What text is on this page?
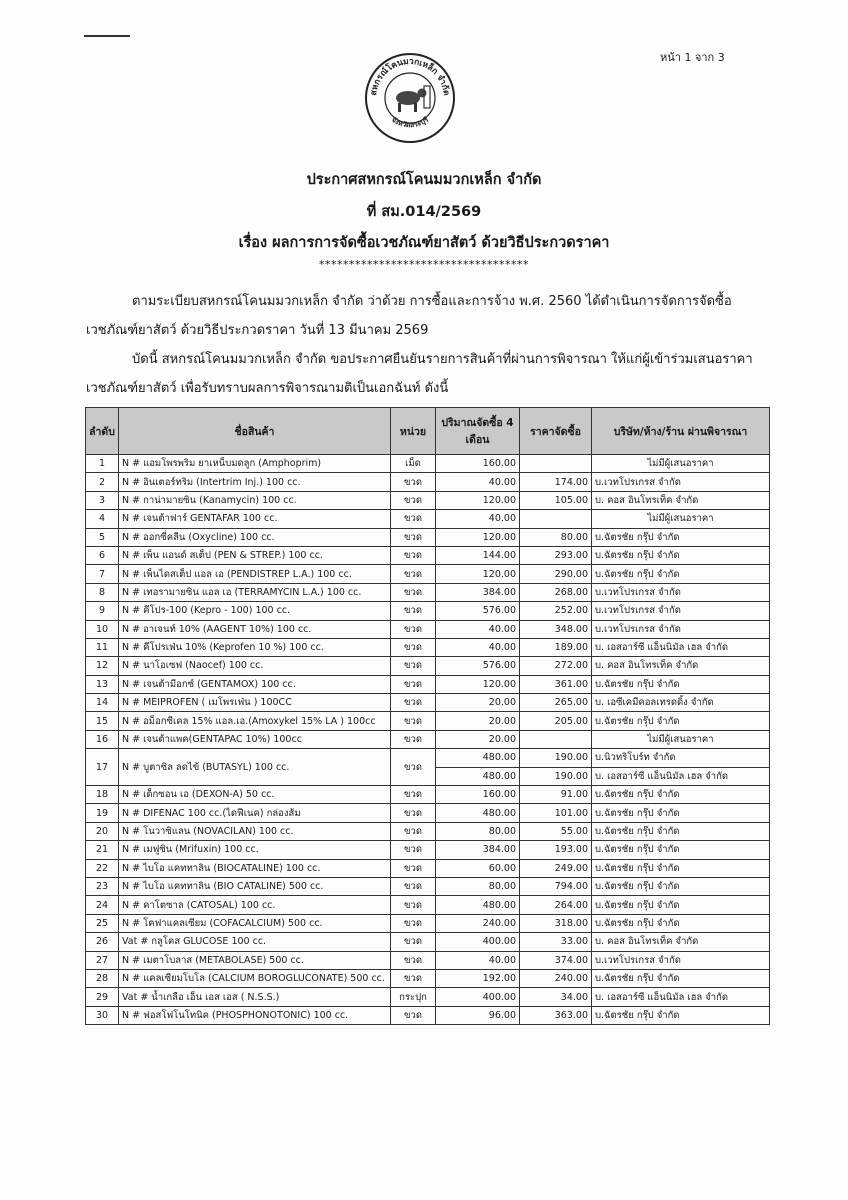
หน้า 1 จาก 3
สหกรณ์โคนมวกเหล็ก จำกัด
จังหวัดสระบุรี
ประกาศสหกรณ์โคนมมวกเหล็ก จำกัด
ที่ สม.014/2569
เรื่อง ผลการการจัดซื้อเวชภัณฑ์ยาสัตว์ ด้วยวิธีประกวดราคา
***********************************
ตามระเบียบสหกรณ์โคนมมวกเหล็ก จำกัด ว่าด้วย การซื้อและการจ้าง พ.ศ. 2560 ได้ดำเนินการจัดการจัดซื้อเวชภัณฑ์ยาสัตว์ ด้วยวิธีประกวดราคา วันที่ 13 มีนาคม 2569
บัดนี้ สหกรณ์โคนมมวกเหล็ก จำกัด ขอประกาศยืนยันรายการสินค้าที่ผ่านการพิจารณา ให้แก่ผู้เข้าร่วมเสนอราคาเวชภัณฑ์ยาสัตว์ เพื่อรับทราบผลการพิจารณามติเป็นเอกฉันท์ ดังนี้
ลำดับ	ชื่อสินค้า	หน่วย	ปริมาณจัดซื้อ 4 เดือน	ราคาจัดซื้อ	บริษัท/ห้าง/ร้าน ผ่านพิจารณา
1	N # แอมโพรพริม ยาเหน็บมดลูก (Amphoprim)	เม็ด	160.00		ไม่มีผู้เสนอราคา
2	N # อินเตอร์ทริม (Intertrim Inj.) 100 cc.	ขวด	40.00	174.00	บ.เวทโปรเกรส จำกัด
3	N # กาน่ามายซิน (Kanamycin) 100 cc.	ขวด	120.00	105.00	บ. คอส อินโทรเท็ค จำกัด
4	N # เจนต้าฟาร์ GENTAFAR 100 cc.	ขวด	40.00		ไม่มีผู้เสนอราคา
5	N # ออกซี่คลีน (Oxycline) 100 cc.	ขวด	120.00	80.00	บ.ฉัตรชัย กรุ๊ป จำกัด
6	N # เพ็น แอนด์ สเต็ป (PEN & STREP.) 100 cc.	ขวด	144.00	293.00	บ.ฉัตรชัย กรุ๊ป จำกัด
7	N # เพ็นไดสเต็ป แอล เอ (PENDISTREP L.A.) 100 cc.	ขวด	120.00	290.00	บ.ฉัตรชัย กรุ๊ป จำกัด
8	N # เทอรามายซิน แอล เอ (TERRAMYCIN L.A.) 100 cc.	ขวด	384.00	268.00	บ.เวทโปรเกรส จำกัด
9	N # คีโปร-100 (Kepro - 100) 100 cc.	ขวด	576.00	252.00	บ.เวทโปรเกรส จำกัด
10	N # อาเจนท์ 10% (AAGENT 10%) 100 cc.	ขวด	40.00	348.00	บ.เวทโปรเกรส จำกัด
11	N # คีโปรเฟ่น 10% (Keprofen 10 %) 100 cc.	ขวด	40.00	189.00	บ. เอสอาร์ซี แอ็นนิมัล เฮล จำกัด
12	N # นาโอเซฟ (Naocef) 100 cc.	ขวด	576.00	272.00	บ. คอส อินโทรเท็ค จำกัด
13	N # เจนต้ามีอกซ์ (GENTAMOX) 100 cc.	ขวด	120.00	361.00	บ.ฉัตรชัย กรุ๊ป จำกัด
14	N # MEIPROFEN ( เมโพรเฟ่น ) 100CC	ขวด	20.00	265.00	บ. เอซีเคมีคอลเทรดดิ้ง จำกัด
15	N # อม็อกซีเคล 15% แอล.เอ.(Amoxykel 15% LA ) 100cc	ขวด	20.00	205.00	บ.ฉัตรชัย กรุ๊ป จำกัด
16	N # เจนต้าแพค(GENTAPAC 10%) 100cc	ขวด	20.00		ไม่มีผู้เสนอราคา
17	N # บูตาซิล ลดไข้ (BUTASYL) 100 cc.	ขวด	480.00	190.00	บ.นิวทริโบร์ท จำกัด
			480.00	190.00	บ. เอสอาร์ซี แอ็นนิมัล เฮล จำกัด
18	N # เด็กซอน เอ (DEXON-A) 50 cc.	ขวด	160.00	91.00	บ.ฉัตรชัย กรุ๊ป จำกัด
19	N # DIFENAC 100 cc.(ไดฟีเนค) กล่องส้ม	ขวด	480.00	101.00	บ.ฉัตรชัย กรุ๊ป จำกัด
20	N # โนวาซิแลน (NOVACILAN) 100 cc.	ขวด	80.00	55.00	บ.ฉัตรชัย กรุ๊ป จำกัด
21	N # เมฟูซิน (Mrifuxin) 100 cc.	ขวด	384.00	193.00	บ.ฉัตรชัย กรุ๊ป จำกัด
22	N # ไบโอ แคททาลิน (BIOCATALINE) 100 cc.	ขวด	60.00	249.00	บ.ฉัตรชัย กรุ๊ป จำกัด
23	N # ไบโอ แคททาลิน (BIO CATALINE) 500 cc.	ขวด	80.00	794.00	บ.ฉัตรชัย กรุ๊ป จำกัด
24	N # คาโตซาล (CATOSAL) 100 cc.	ขวด	480.00	264.00	บ.ฉัตรชัย กรุ๊ป จำกัด
25	N # โคฟาแคลเซียม (COFACALCIUM) 500 cc.	ขวด	240.00	318.00	บ.ฉัตรชัย กรุ๊ป จำกัด
26	Vat # กลูโคส GLUCOSE 100 cc.	ขวด	400.00	33.00	บ. คอส อินโทรเท็ค จำกัด
27	N # เมตาโบลาส (METABOLASE) 500 cc.	ขวด	40.00	374.00	บ.เวทโปรเกรส จำกัด
28	N # แคลเซียมโบโล (CALCIUM BOROGLUCONATE) 500 cc.	ขวด	192.00	240.00	บ.ฉัตรชัย กรุ๊ป จำกัด
29	Vat # น้ำเกลือ เอ็น เอส เอส ( N.S.S.)	กระปุก	400.00	34.00	บ. เอสอาร์ซี แอ็นนิมัล เฮล จำกัด
30	N # ฟอสโฟโนโทนิค (PHOSPHONOTONIC) 100 cc.	ขวด	96.00	363.00	บ.ฉัตรชัย กรุ๊ป จำกัด
